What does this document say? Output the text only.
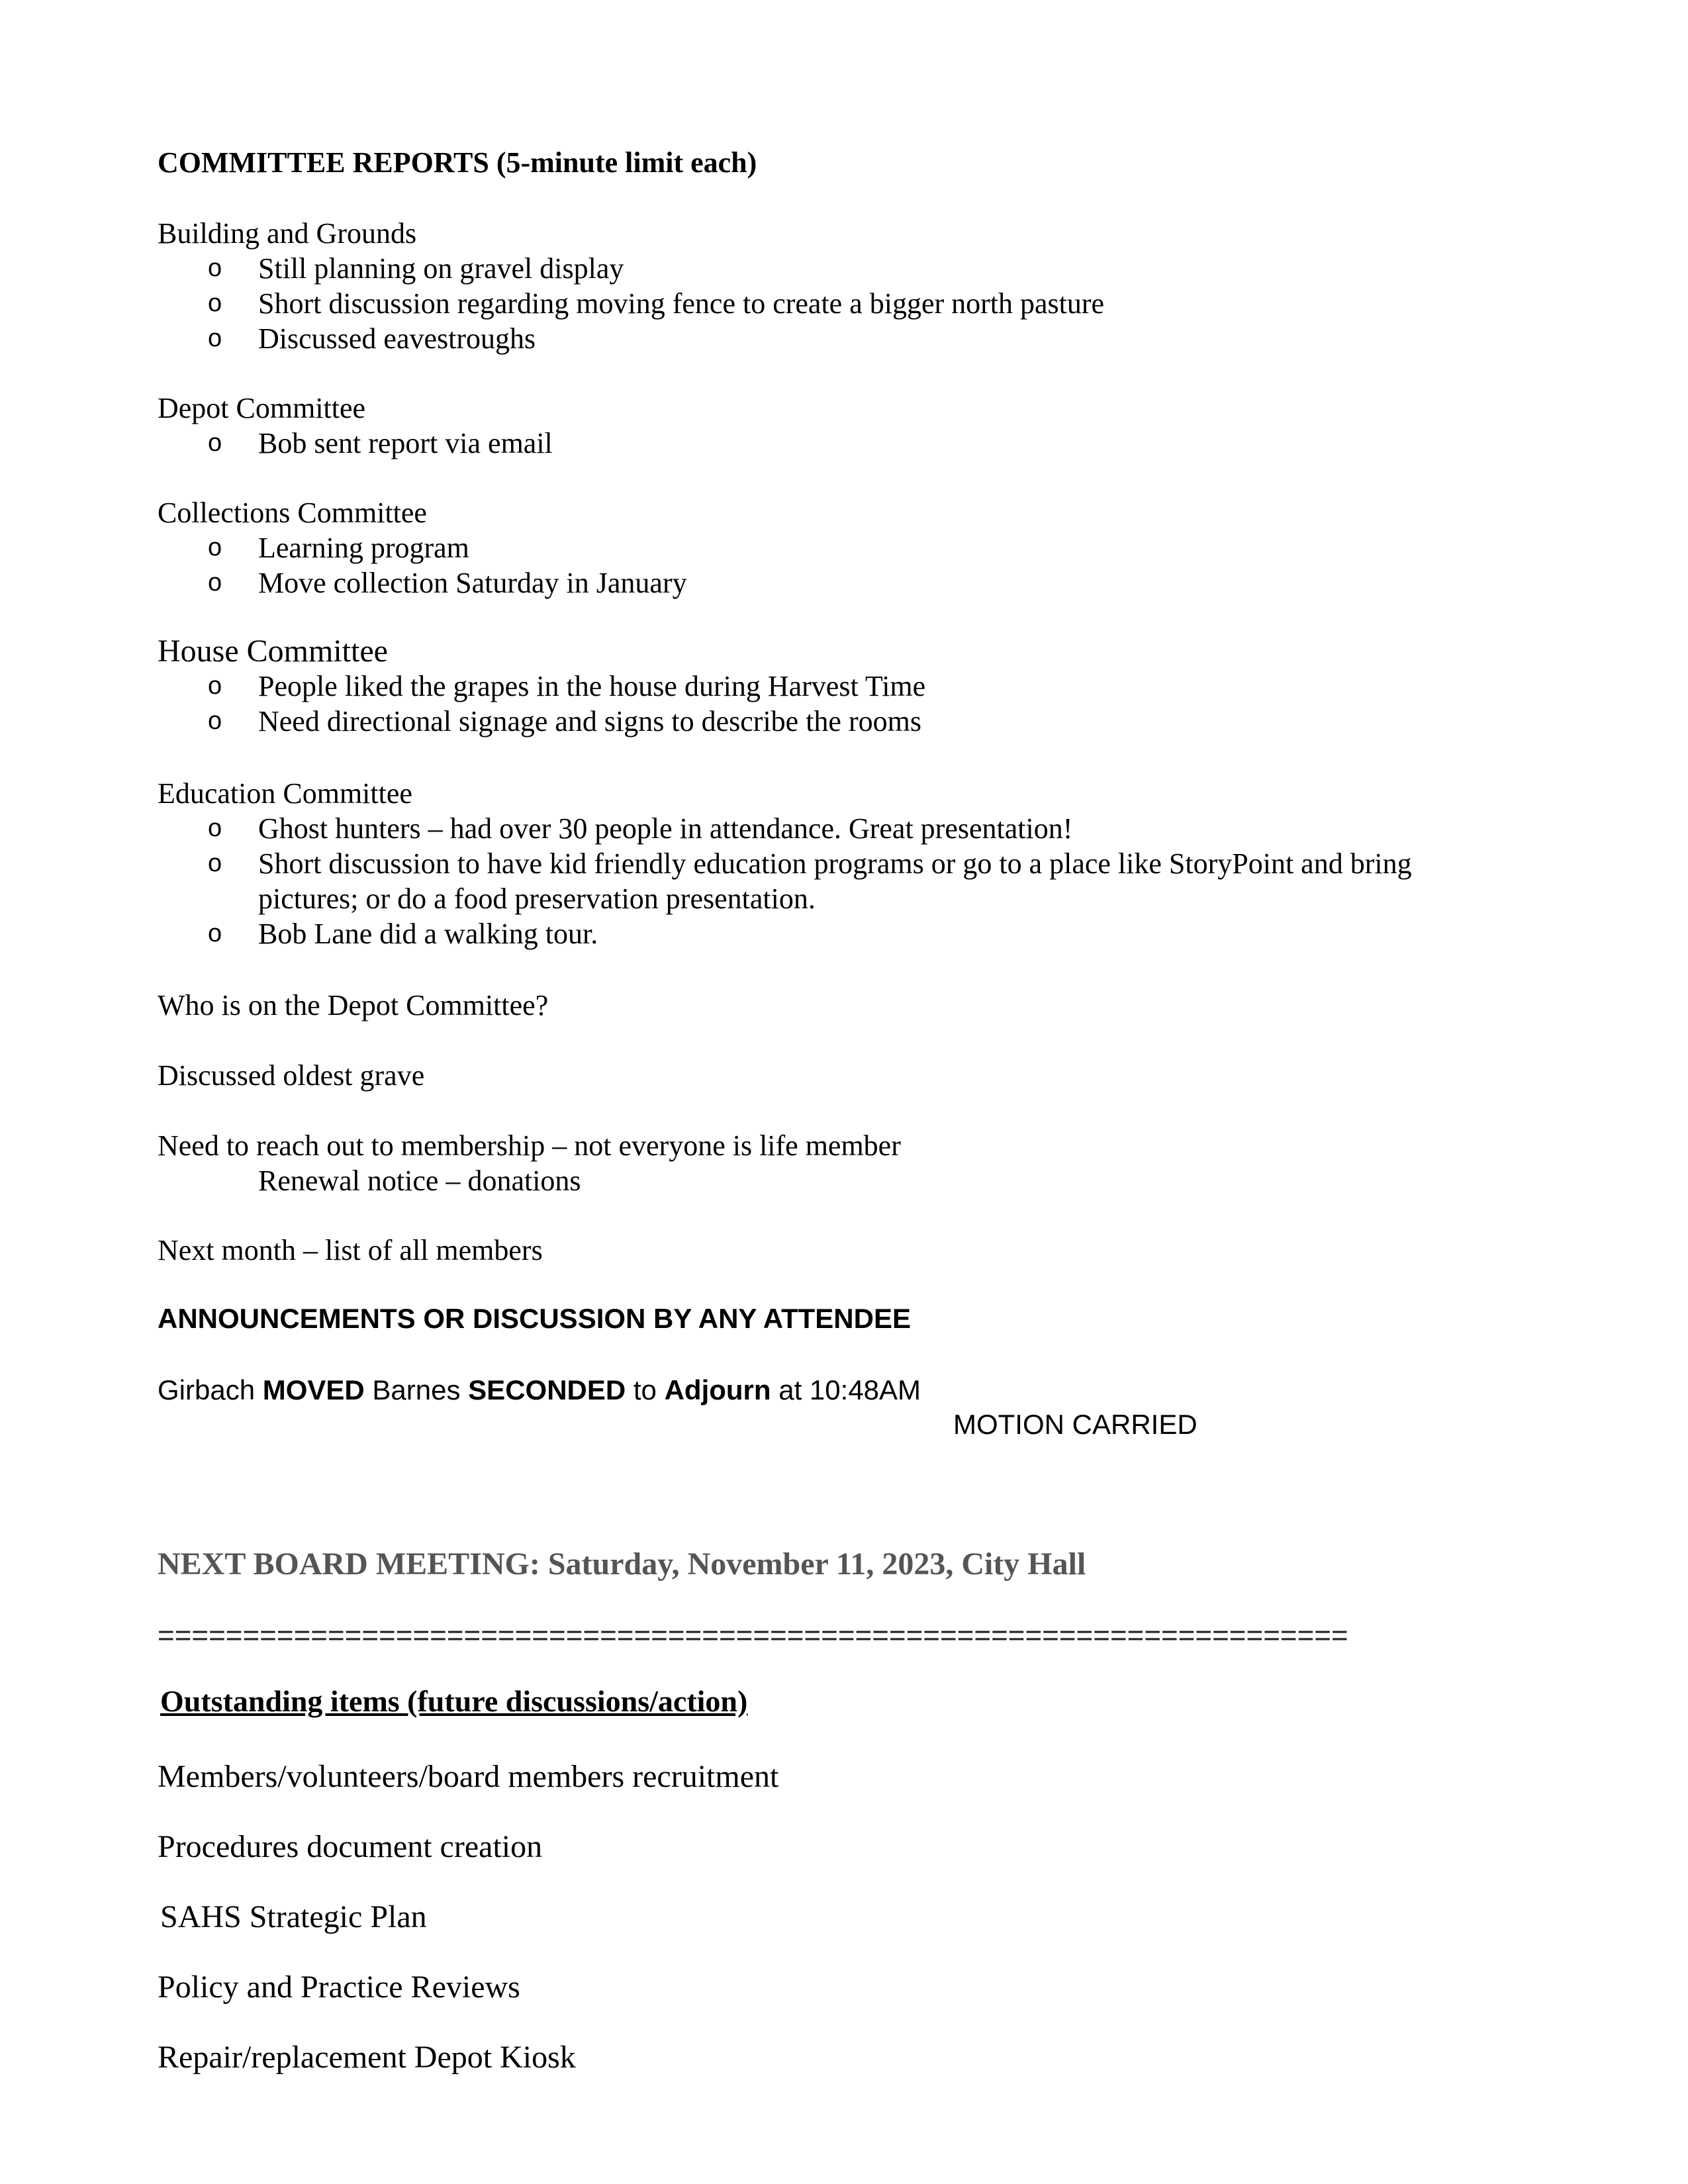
COMMITTEE REPORTS (5-minute limit each)
Building and Grounds
o Still planning on gravel display
o Short discussion regarding moving fence to create a bigger north pasture
o Discussed eavestroughs
Depot Committee
o Bob sent report via email
Collections Committee
o Learning program
o Move collection Saturday in January
House Committee
o People liked the grapes in the house during Harvest Time
o Need directional signage and signs to describe the rooms
Education Committee
o Ghost hunters – had over 30 people in attendance. Great presentation!
o Short discussion to have kid friendly education programs or go to a place like StoryPoint and bring pictures; or do a food preservation presentation.
o Bob Lane did a walking tour.
Who is on the Depot Committee?
Discussed oldest grave
Need to reach out to membership – not everyone is life member
Renewal notice – donations
Next month – list of all members
ANNOUNCEMENTS OR DISCUSSION BY ANY ATTENDEE
Girbach MOVED Barnes SECONDED to Adjourn at 10:48AM
MOTION CARRIED
NEXT BOARD MEETING: Saturday, November 11, 2023, City Hall
======================================================================
Outstanding items (future discussions/action)
Members/volunteers/board members recruitment
Procedures document creation
SAHS Strategic Plan
Policy and Practice Reviews
Repair/replacement Depot Kiosk
